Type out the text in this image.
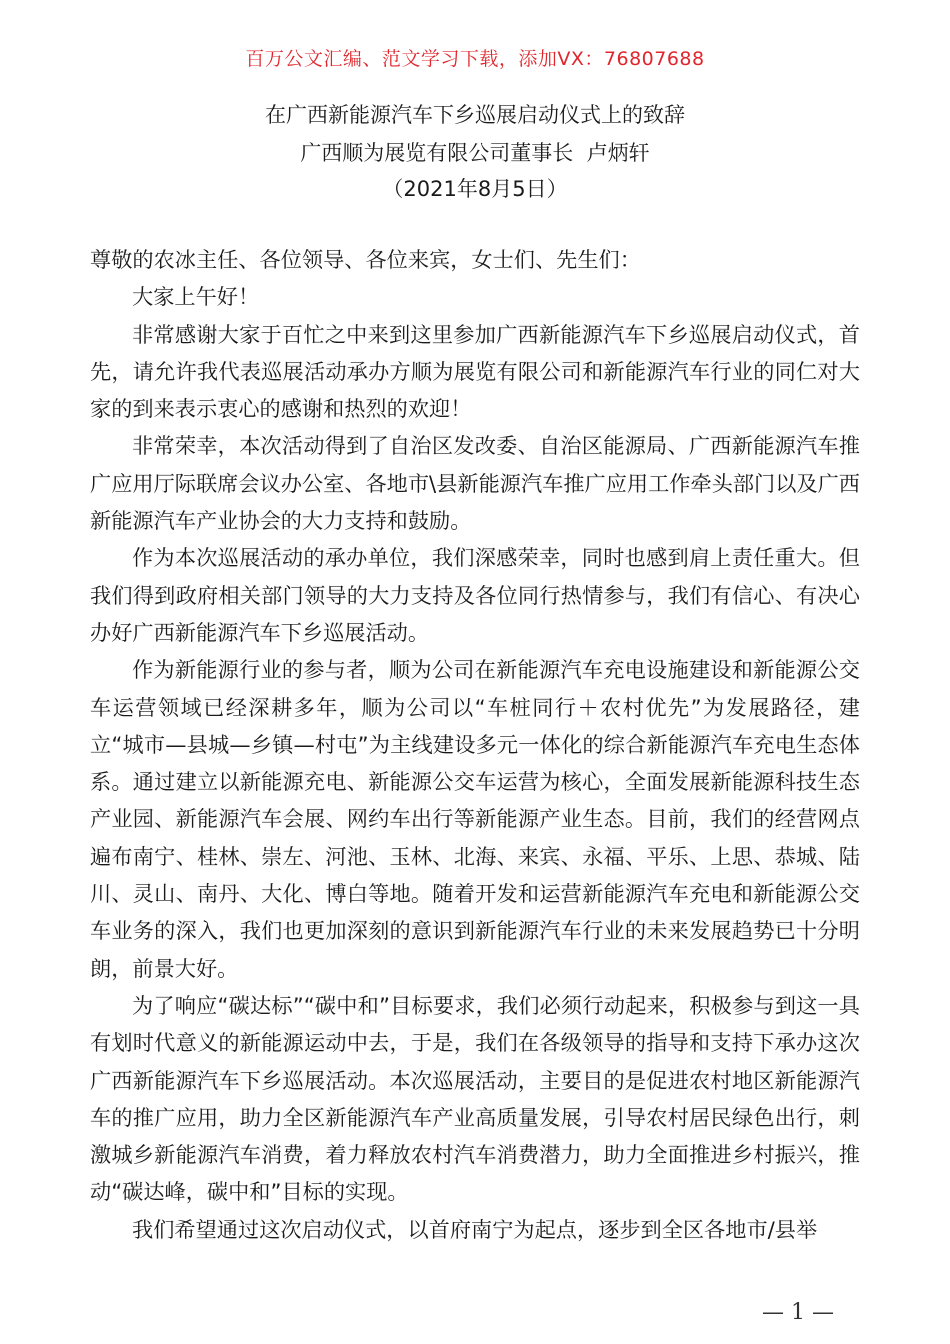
百万公文汇编、范文学习下载，添加VX：76807688
在广西新能源汽车下乡巡展启动仪式上的致辞
广西顺为展览有限公司董事长  卢炳轩
（2021年8月5日）

尊敬的农冰主任、各位领导、各位来宾，女士们、先生们：

大家上午好！

非常感谢大家于百忙之中来到这里参加广西新能源汽车下乡巡展启动仪式，首先，请允许我代表巡展活动承办方顺为展览有限公司和新能源汽车行业的同仁对大家的到来表示衷心的感谢和热烈的欢迎！

非常荣幸，本次活动得到了自治区发改委、自治区能源局、广西新能源汽车推广应用厅际联席会议办公室、各地市\县新能源汽车推广应用工作牵头部门以及广西新能源汽车产业协会的大力支持和鼓励。

作为本次巡展活动的承办单位，我们深感荣幸，同时也感到肩上责任重大。但我们得到政府相关部门领导的大力支持及各位同行热情参与，我们有信心、有决心办好广西新能源汽车下乡巡展活动。

作为新能源行业的参与者，顺为公司在新能源汽车充电设施建设和新能源公交车运营领域已经深耕多年，顺为公司以“车桩同行＋农村优先”为发展路径，建立“城市—县城—乡镇—村屯”为主线建设多元一体化的综合新能源汽车充电生态体系。通过建立以新能源充电、新能源公交车运营为核心，全面发展新能源科技生态产业园、新能源汽车会展、网约车出行等新能源产业生态。目前，我们的经营网点遍布南宁、桂林、崇左、河池、玉林、北海、来宾、永福、平乐、上思、恭城、陆川、灵山、南丹、大化、博白等地。随着开发和运营新能源汽车充电和新能源公交车业务的深入，我们也更加深刻的意识到新能源汽车行业的未来发展趋势已十分明朗，前景大好。

为了响应“碳达标”“碳中和”目标要求，我们必须行动起来，积极参与到这一具有划时代意义的新能源运动中去，于是，我们在各级领导的指导和支持下承办这次广西新能源汽车下乡巡展活动。本次巡展活动，主要目的是促进农村地区新能源汽车的推广应用，助力全区新能源汽车产业高质量发展，引导农村居民绿色出行，刺激城乡新能源汽车消费，着力释放农村汽车消费潜力，助力全面推进乡村振兴，推动“碳达峰，碳中和”目标的实现。

我们希望通过这次启动仪式，以首府南宁为起点，逐步到全区各地市/县举

— 1 —
